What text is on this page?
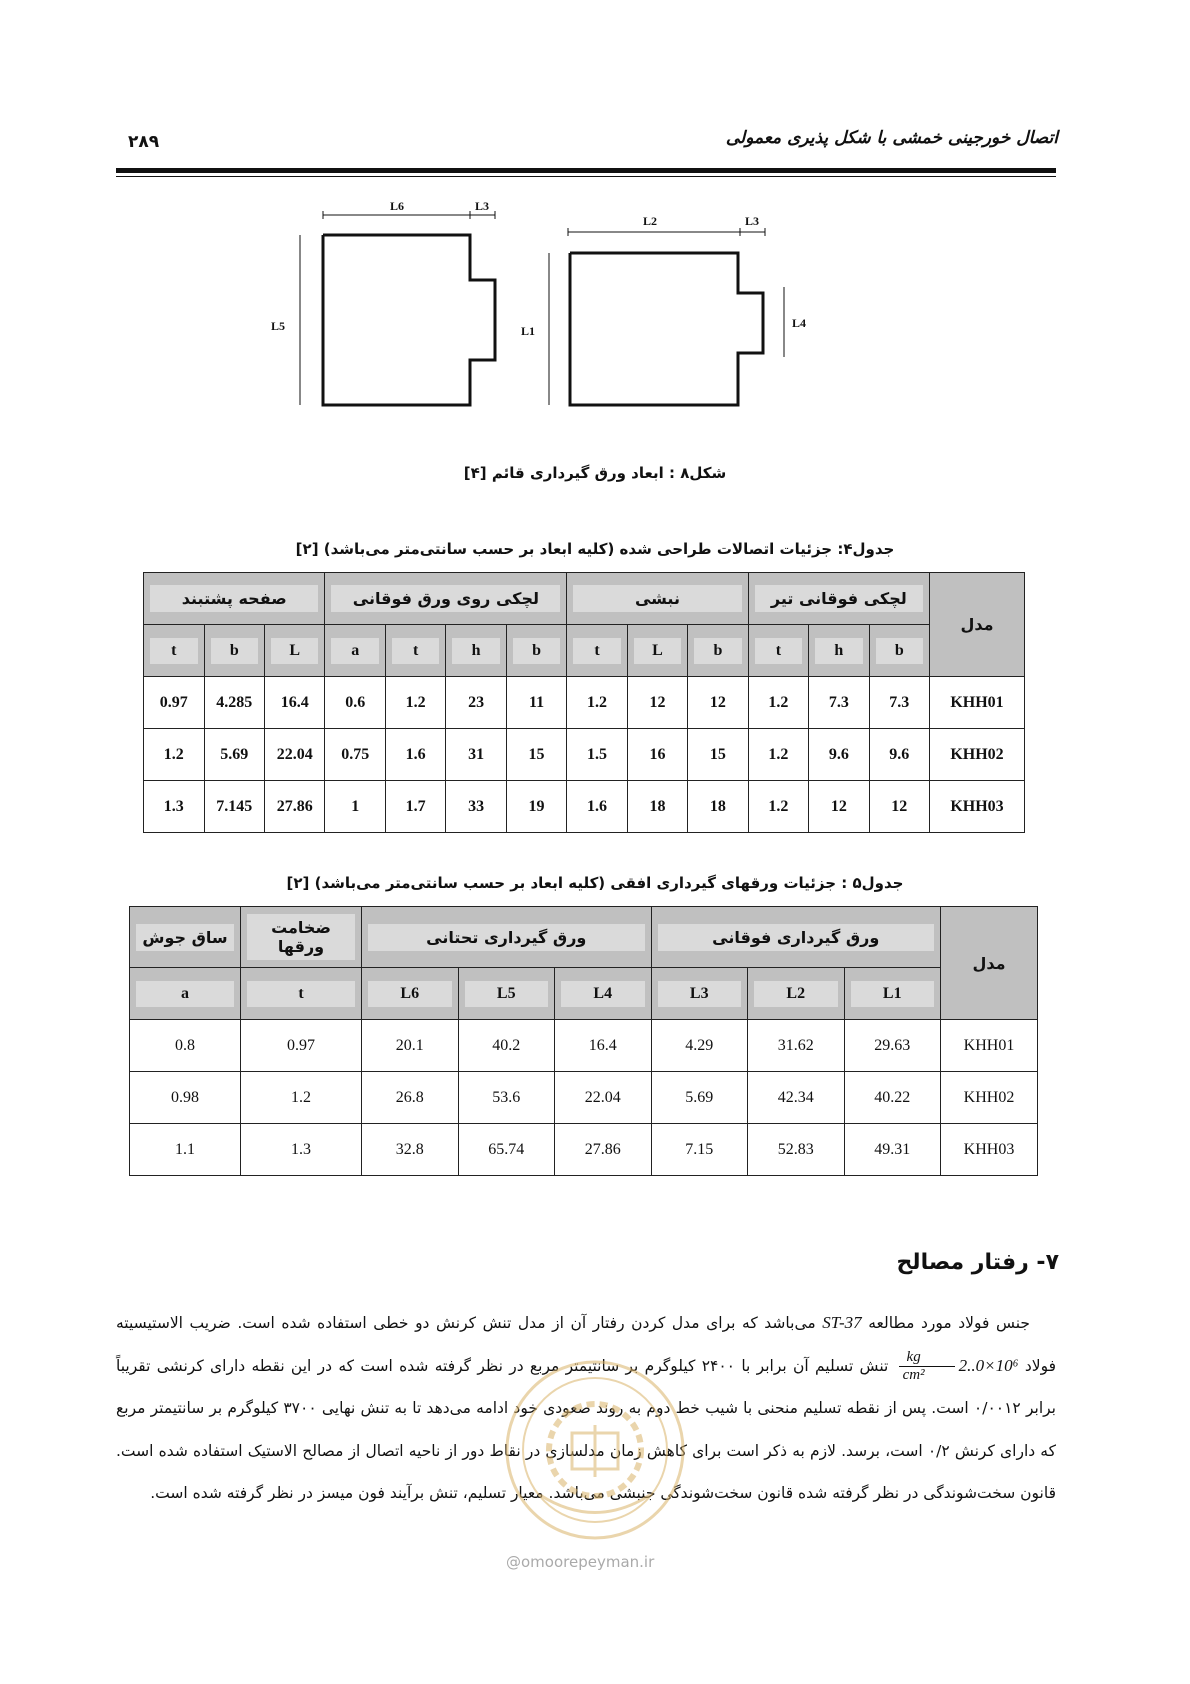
۲۸۹	اتصال خورجینی خمشی با شکل پذیری معمولی
L6	L3
L5
L2	L3
L1
L4
شکل۸ : ابعاد ورق گیرداری قائم [۴]
جدول۴: جزئیات اتصالات طراحی شده (کلیه ابعاد بر حسب سانتی‌متر می‌باشد) [۲]
مدل	لچکی فوقانی تیر			نبشی			لچکی روی ورق فوقانی				صفحه پشتبند		

	b	h	t	b	L	t	b	h	t	a	L	b	t

KHH01	7.3	7.3	1.2	12	12	1.2	11	23	1.2	0.6	16.4	4.285	0.97
KHH02	9.6	9.6	1.2	15	16	1.5	15	31	1.6	0.75	22.04	5.69	1.2
KHH03	12	12	1.2	18	18	1.6	19	33	1.7	1	27.86	7.145	1.3
جدول۵ : جزئیات ورقهای گیرداری افقی (کلیه ابعاد بر حسب سانتی‌متر می‌باشد) [۲]
مدل	ورق گیرداری فوقانی			ورق گیرداری تحتانی			ضخامت ورقها	ساق جوش

	L1	L2	L3	L4	L5	L6	t	a

KHH01	29.63	31.62	4.29	16.4	40.2	20.1	0.97	0.8
KHH02	40.22	42.34	5.69	22.04	53.6	26.8	1.2	0.98
KHH03	49.31	52.83	7.15	27.86	65.74	32.8	1.3	1.1
۷- رفتار مصالح

جنس فولاد مورد مطالعه ST-37 می‌باشد که برای مدل کردن رفتار آن از مدل تنش کرنش دو خطی استفاده شده است. ضریب الاستیسیته فولاد 2..0×10⁶
$\frac{kg}{\text{cm²}}$
تنش تسلیم آن برابر با ۲۴۰۰ کیلوگرم بر سانتیمتر مربع در نظر گرفته شده است که در این نقطه دارای کرنشی تقریباً برابر ۰/۰۰۱۲ است. پس از نقطه تسلیم منحنی با شیب خط دوم به روند صعودی خود ادامه می‌دهد تا به تنش نهایی ۳۷۰۰ کیلوگرم بر سانتیمتر مربع که دارای کرنش ۰/۲ است، برسد. لازم به ذکر است برای کاهش زمان مدلسازی در نقاط دور از ناحیه اتصال از مصالح الاستیک استفاده شده است. قانون سخت‌شوندگی در نظر گرفته شده قانون سخت‌شوندگی جنبشی می‌باشد. معیار تسلیم، تنش برآیند فون میسز در نظر گرفته شده است.

@omoorepeyman.ir
